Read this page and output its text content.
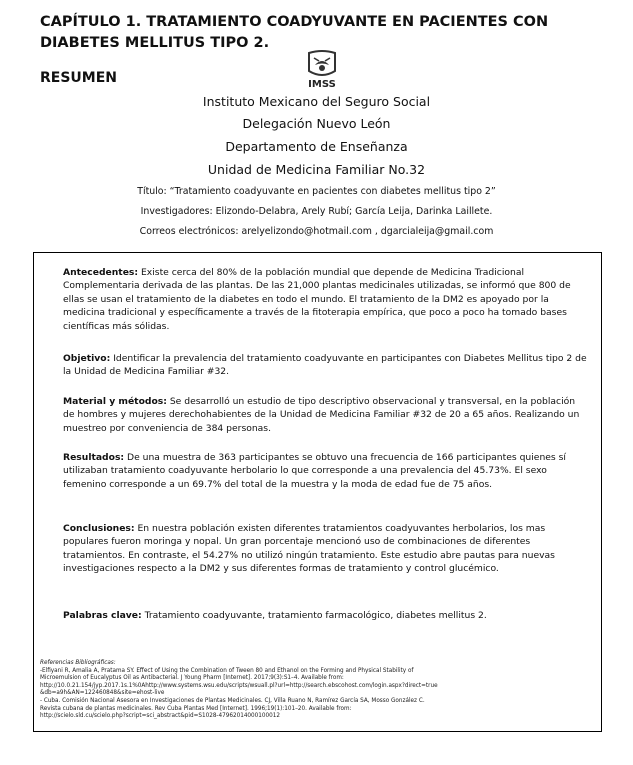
CAPÍTULO 1. TRATAMIENTO COADYUVANTE EN PACIENTES CON DIABETES MELLITUS TIPO 2.
RESUMEN	IMSS
Instituto Mexicano del Seguro Social
Delegación Nuevo León
Departamento de Enseñanza
Unidad de Medicina Familiar No.32
Título: “Tratamiento coadyuvante en pacientes con diabetes mellitus tipo 2”
Investigadores: Elizondo-Delabra, Arely Rubí; García Leija, Darinka Laillete.
Correos electrónicos: arelyelizondo@hotmail.com , dgarcialeija@gmail.com

Antecedentes: Existe cerca del 80% de la población mundial que depende de Medicina Tradicional Complementaria derivada de las plantas. De las 21,000 plantas medicinales utilizadas, se informó que 800 de ellas se usan el tratamiento de la diabetes en todo el mundo. El tratamiento de la DM2 es apoyado por la medicina tradicional y específicamente a través de la fitoterapia empírica, que poco a poco ha tomado bases científicas más sólidas.

Objetivo: Identificar la prevalencia del tratamiento coadyuvante en participantes con Diabetes Mellitus tipo 2 de la Unidad de Medicina Familiar #32.

Material y métodos: Se desarrolló un estudio de tipo descriptivo observacional y transversal, en la población de hombres y mujeres derechohabientes de la Unidad de Medicina Familiar #32 de 20 a 65 años. Realizando un muestreo por conveniencia de 384 personas.

Resultados: De una muestra de 363 participantes se obtuvo una frecuencia de 166 participantes quienes sí utilizaban tratamiento coadyuvante herbolario lo que corresponde a una prevalencia del 45.73%. El sexo femenino corresponde a un 69.7% del total de la muestra y la moda de edad fue de 75 años.

Conclusiones: En nuestra población existen diferentes tratamientos coadyuvantes herbolarios, los mas populares fueron moringa y nopal. Un gran porcentaje mencionó uso de combinaciones de diferentes tratamientos. En contraste, el 54.27% no utilizó ningún tratamiento. Este estudio abre pautas para nuevas investigaciones respecto a la DM2 y sus diferentes formas de tratamiento y control glucémico.

Palabras clave: Tratamiento coadyuvante, tratamiento farmacológico, diabetes mellitus 2.

Referencias Bibliográficas:
-Elfiyani R, Amalia A, Pratama SY. Effect of Using the Combination of Tween 80 and Ethanol on the Forming and Physical Stability of
Microemulsion of Eucalyptus Oil as Antibacterial. J Young Pharm [Internet]. 2017;9(3):S1–4. Available from:
http://10.0.21.154/jyp.2017.1s.1%0Ahttp://www.systems.wsu.edu/scripts/wsuall.pl?url=http://search.ebscohost.com/login.aspx?direct=true
&db=a9h&AN=122460848&site=ehost-live
- Cuba. Comisión Nacional Asesora en Investigaciones de Plantas Medicinales. CJ, Villa Ruano N, Ramírez García SA, Mosso González C.
Revista cubana de plantas medicinales. Rev Cuba Plantas Med [Internet]. 1996;19(1):101–20. Available from:
http://scielo.sld.cu/scielo.php?script=sci_abstract&pid=S1028-47962014000100012
